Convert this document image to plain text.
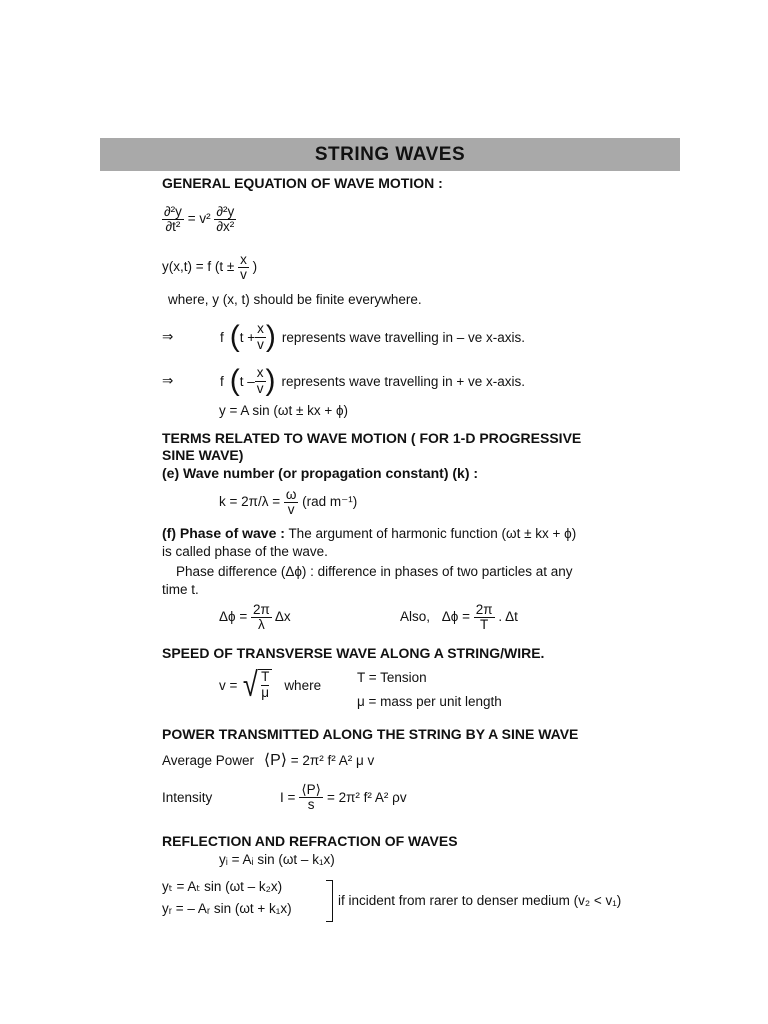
STRING WAVES
GENERAL EQUATION OF WAVE MOTION :
$\frac{\text{∂²y}}{\text{∂t²}} = v^2 \frac{\text{∂²y}}{\text{∂x²}}$
y(x,t) = f ($t \pm \frac{x}{v}$ )
where, y (x, t) should be finite everywhere.
⇒	f ( $t + \frac{x}{v}$ ) represents wave travelling in – ve x-axis.
⇒	f ( t – $\frac{x}{v}$ ) represents wave travelling in + ve x-axis.
y = A sin (ωt ± kx + ϕ)
TERMS RELATED TO WAVE MOTION ( FOR 1-D PROGRESSIVE
SINE WAVE)
(e) Wave number (or propagation constant) (k) :
$k = 2\pi/\lambda = \frac{\omega}{v} (rad$ m⁻¹)
(f) Phase of wave : The argument of harmonic function (ωt ± kx + ϕ)
is called phase of the wave.
Phase difference (Δϕ) : difference in phases of two particles at any
time t.
$\Delta\phi = \frac{2\pi}{\lambda}$ Δx	Also, $\Delta\phi = \frac{2\pi}{T}$ . Δt
SPEED OF TRANSVERSE WAVE ALONG A STRING/WIRE.
v = √ $\frac{T}{\mu}$ where	T = Tension
μ = mass per unit length
POWER TRANSMITTED ALONG THE STRING BY A SINE WAVE
Average Power ⟨P⟩ = 2π² f² A² μ v
Intensity	$I = \frac{⟨P⟩}{s} = 2\pi^2$ f² A² ρv
REFLECTION AND REFRACTION OF WAVES
yᵢ = Aᵢ sin (ωt – k₁x)
yₜ = Aₜ sin (ωt – k₂x)
yᵣ = – Aᵣ sin (ωt + k₁x)
if incident from rarer to denser medium (v₂ < v₁)
